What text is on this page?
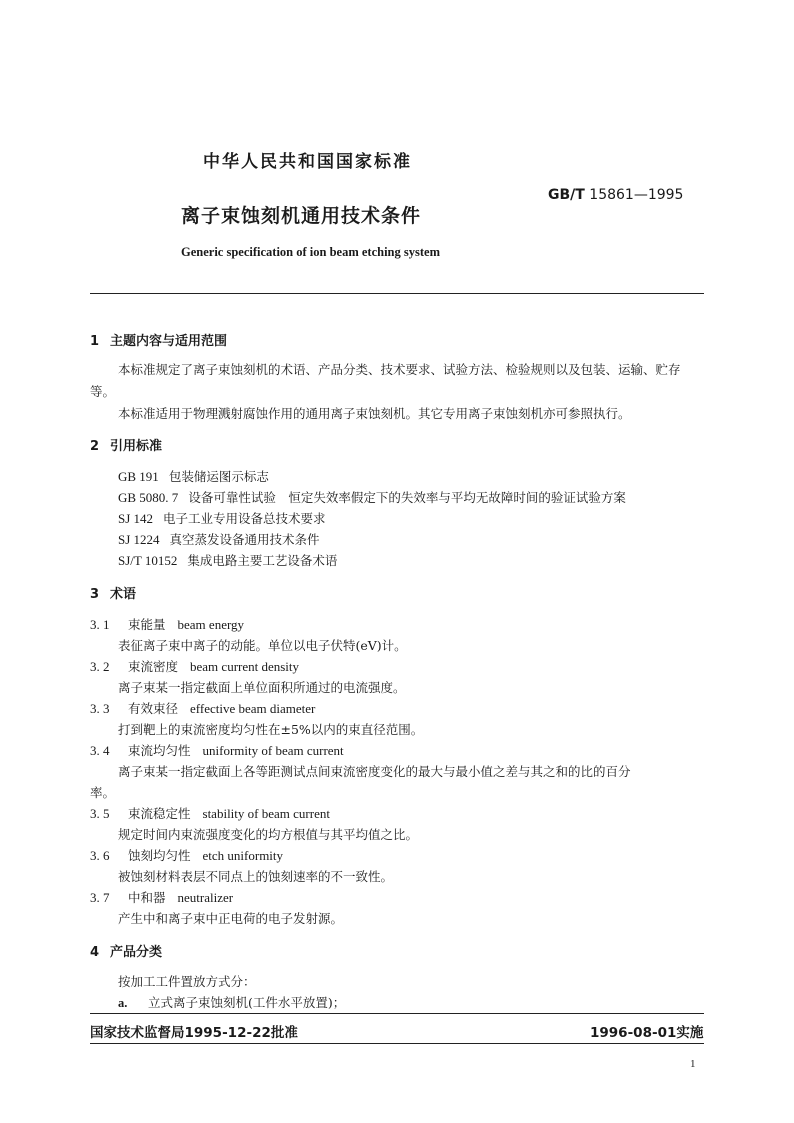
中华人民共和国国家标准
GB/T 15861—1995
离子束蚀刻机通用技术条件
Generic specification of ion beam etching system
1 主题内容与适用范围
本标准规定了离子束蚀刻机的术语、产品分类、技术要求、试验方法、检验规则以及包装、运输、贮存
等。
本标准适用于物理溅射腐蚀作用的通用离子束蚀刻机。其它专用离子束蚀刻机亦可参照执行。
2 引用标准
GB 191 包装储运图示标志
GB 5080. 7 设备可靠性试验　恒定失效率假定下的失效率与平均无故障时间的验证试验方案
SJ 142 电子工业专用设备总技术要求
SJ 1224 真空蒸发设备通用技术条件
SJ/T 10152 集成电路主要工艺设备术语
3 术语
3. 1 束能量 beam energy
表征离子束中离子的动能。单位以电子伏特(eV)计。
3. 2 束流密度 beam current density
离子束某一指定截面上单位面积所通过的电流强度。
3. 3 有效束径 effective beam diameter
打到靶上的束流密度均匀性在±5%以内的束直径范围。
3. 4 束流均匀性 uniformity of beam current
离子束某一指定截面上各等距测试点间束流密度变化的最大与最小值之差与其之和的比的百分
率。
3. 5 束流稳定性 stability of beam current
规定时间内束流强度变化的均方根值与其平均值之比。
3. 6 蚀刻均匀性 etch uniformity
被蚀刻材料表层不同点上的蚀刻速率的不一致性。
3. 7 中和器 neutralizer
产生中和离子束中正电荷的电子发射源。
4 产品分类
按加工工件置放方式分：
a. 立式离子束蚀刻机(工件水平放置)；
国家技术监督局1995-12-22批准	1996-08-01实施
1
